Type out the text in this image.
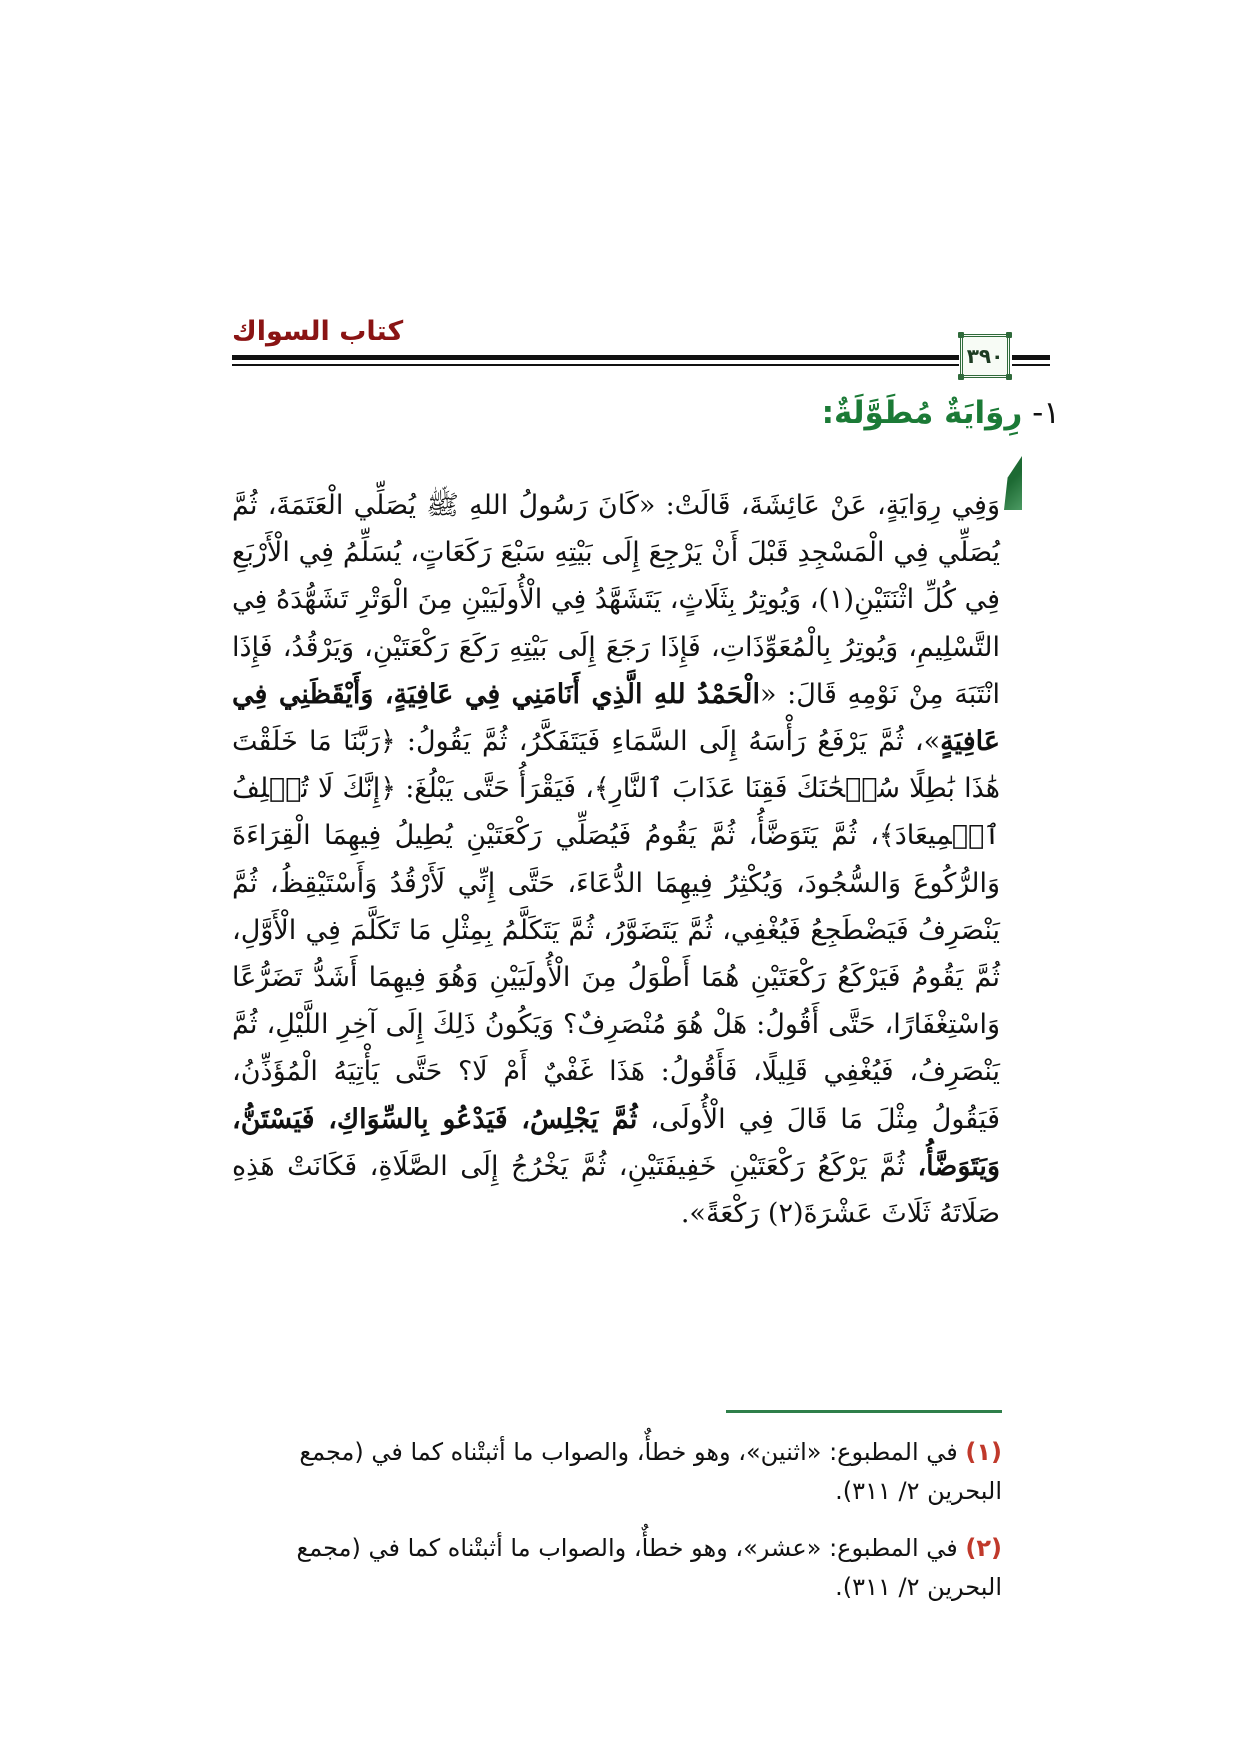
كتاب السواك
٣٩٠
١- رِوَايَةٌ مُطَوَّلَةٌ:

وَفِي رِوَايَةٍ، عَنْ عَائِشَةَ، قَالَتْ: «كَانَ رَسُولُ اللهِ ﷺ يُصَلِّي الْعَتَمَةَ، ثُمَّ يُصَلِّي فِي الْمَسْجِدِ قَبْلَ أَنْ يَرْجِعَ إِلَى بَيْتِهِ سَبْعَ رَكَعَاتٍ، يُسَلِّمُ فِي الْأَرْبَعِ فِي كُلِّ اثْنَتَيْنِ(١)، وَيُوتِرُ بِثَلَاثٍ، يَتَشَهَّدُ فِي الْأُولَيَيْنِ مِنَ الْوَتْرِ تَشَهُّدَهُ فِي التَّسْلِيمِ، وَيُوتِرُ بِالْمُعَوِّذَاتِ، فَإِذَا رَجَعَ إِلَى بَيْتِهِ رَكَعَ رَكْعَتَيْنِ، وَيَرْقُدُ، فَإِذَا انْتَبَهَ مِنْ نَوْمِهِ قَالَ: «الْحَمْدُ للهِ الَّذِي أَنَامَنِي فِي عَافِيَةٍ، وَأَيْقَظَنِي فِي عَافِيَةٍ»، ثُمَّ يَرْفَعُ رَأْسَهُ إِلَى السَّمَاءِ فَيَتَفَكَّرُ، ثُمَّ يَقُولُ: ﴿رَبَّنَا مَا خَلَقْتَ هَٰذَا بَٰطِلًا سُبۡحَٰنَكَ فَقِنَا عَذَابَ ٱلنَّارِ﴾، فَيَقْرَأُ حَتَّى يَبْلُغَ: ﴿إِنَّكَ لَا تُخۡلِفُ ٱلۡمِيعَادَ﴾، ثُمَّ يَتَوَضَّأُ، ثُمَّ يَقُومُ فَيُصَلِّي رَكْعَتَيْنِ يُطِيلُ فِيهِمَا الْقِرَاءَةَ وَالرُّكُوعَ وَالسُّجُودَ، وَيُكْثِرُ فِيهِمَا الدُّعَاءَ، حَتَّى إِنِّي لَأَرْقُدُ وَأَسْتَيْقِظُ، ثُمَّ يَنْصَرِفُ فَيَضْطَجِعُ فَيُغْفِي، ثُمَّ يَتَضَوَّرُ، ثُمَّ يَتَكَلَّمُ بِمِثْلِ مَا تَكَلَّمَ فِي الْأَوَّلِ، ثُمَّ يَقُومُ فَيَرْكَعُ رَكْعَتَيْنِ هُمَا أَطْوَلُ مِنَ الْأُولَيَيْنِ وَهُوَ فِيهِمَا أَشَدُّ تَضَرُّعًا وَاسْتِغْفَارًا، حَتَّى أَقُولُ: هَلْ هُوَ مُنْصَرِفٌ؟ وَيَكُونُ ذَلِكَ إِلَى آخِرِ اللَّيْلِ، ثُمَّ يَنْصَرِفُ، فَيُغْفِي قَلِيلًا، فَأَقُولُ: هَذَا غَفْيٌ أَمْ لَا؟ حَتَّى يَأْتِيَهُ الْمُؤَذِّنُ، فَيَقُولُ مِثْلَ مَا قَالَ فِي الْأُولَى، ثُمَّ يَجْلِسُ، فَيَدْعُو بِالسِّوَاكِ، فَيَسْتَنُّ، وَيَتَوَضَّأُ، ثُمَّ يَرْكَعُ رَكْعَتَيْنِ خَفِيفَتَيْنِ، ثُمَّ يَخْرُجُ إِلَى الصَّلَاةِ، فَكَانَتْ هَذِهِ صَلَاتَهُ ثَلَاثَ عَشْرَةَ(٢) رَكْعَةً».

(١) في المطبوع: «اثنين»، وهو خطأٌ، والصواب ما أثبتْناه كما في (مجمع البحرين ٢/ ٣١١).
(٢) في المطبوع: «عشر»، وهو خطأٌ، والصواب ما أثبتْناه كما في (مجمع البحرين ٢/ ٣١١).
